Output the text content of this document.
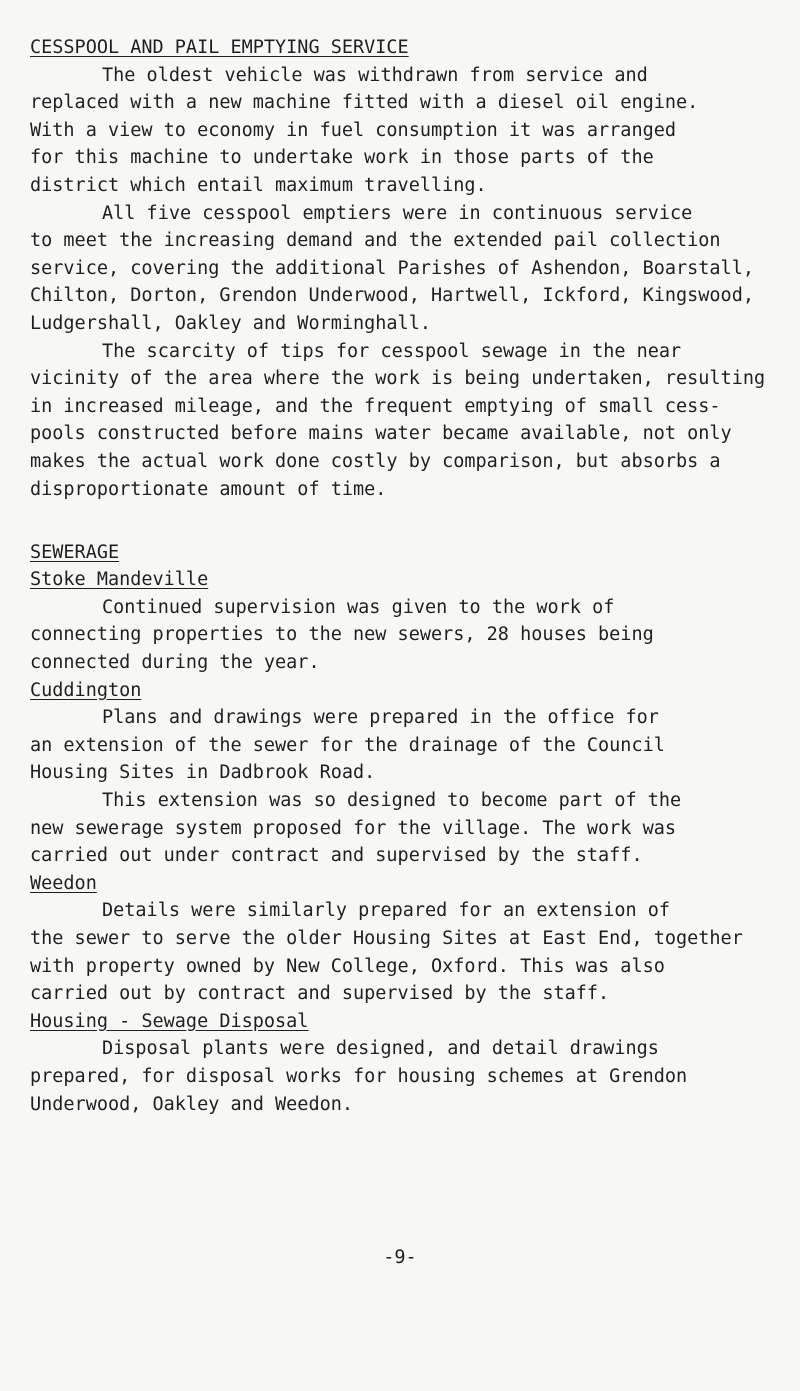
CESSPOOL AND PAIL EMPTYING SERVICE
The oldest vehicle was withdrawn from service and
replaced with a new machine fitted with a diesel oil engine.
With a view to economy in fuel consumption it was arranged
for this machine to undertake work in those parts of the
district which entail maximum travelling.
All five cesspool emptiers were in continuous service
to meet the increasing demand and the extended pail collection
service, covering the additional Parishes of Ashendon, Boarstall,
Chilton, Dorton, Grendon Underwood, Hartwell, Ickford, Kingswood,
Ludgershall, Oakley and Worminghall.
The scarcity of tips for cesspool sewage in the near
vicinity of the area where the work is being undertaken, resulting
in increased mileage, and the frequent emptying of small cess-
pools constructed before mains water became available, not only
makes the actual work done costly by comparison, but absorbs a
disproportionate amount of time.
SEWERAGE
Stoke Mandeville
Continued supervision was given to the work of
connecting properties to the new sewers, 28 houses being
connected during the year.
Cuddington
Plans and drawings were prepared in the office for
an extension of the sewer for the drainage of the Council
Housing Sites in Dadbrook Road.
This extension was so designed to become part of the
new sewerage system proposed for the village. The work was
carried out under contract and supervised by the staff.
Weedon
Details were similarly prepared for an extension of
the sewer to serve the older Housing Sites at East End, together
with property owned by New College, Oxford. This was also
carried out by contract and supervised by the staff.
Housing - Sewage Disposal
Disposal plants were designed, and detail drawings
prepared, for disposal works for housing schemes at Grendon
Underwood, Oakley and Weedon.
-9-
